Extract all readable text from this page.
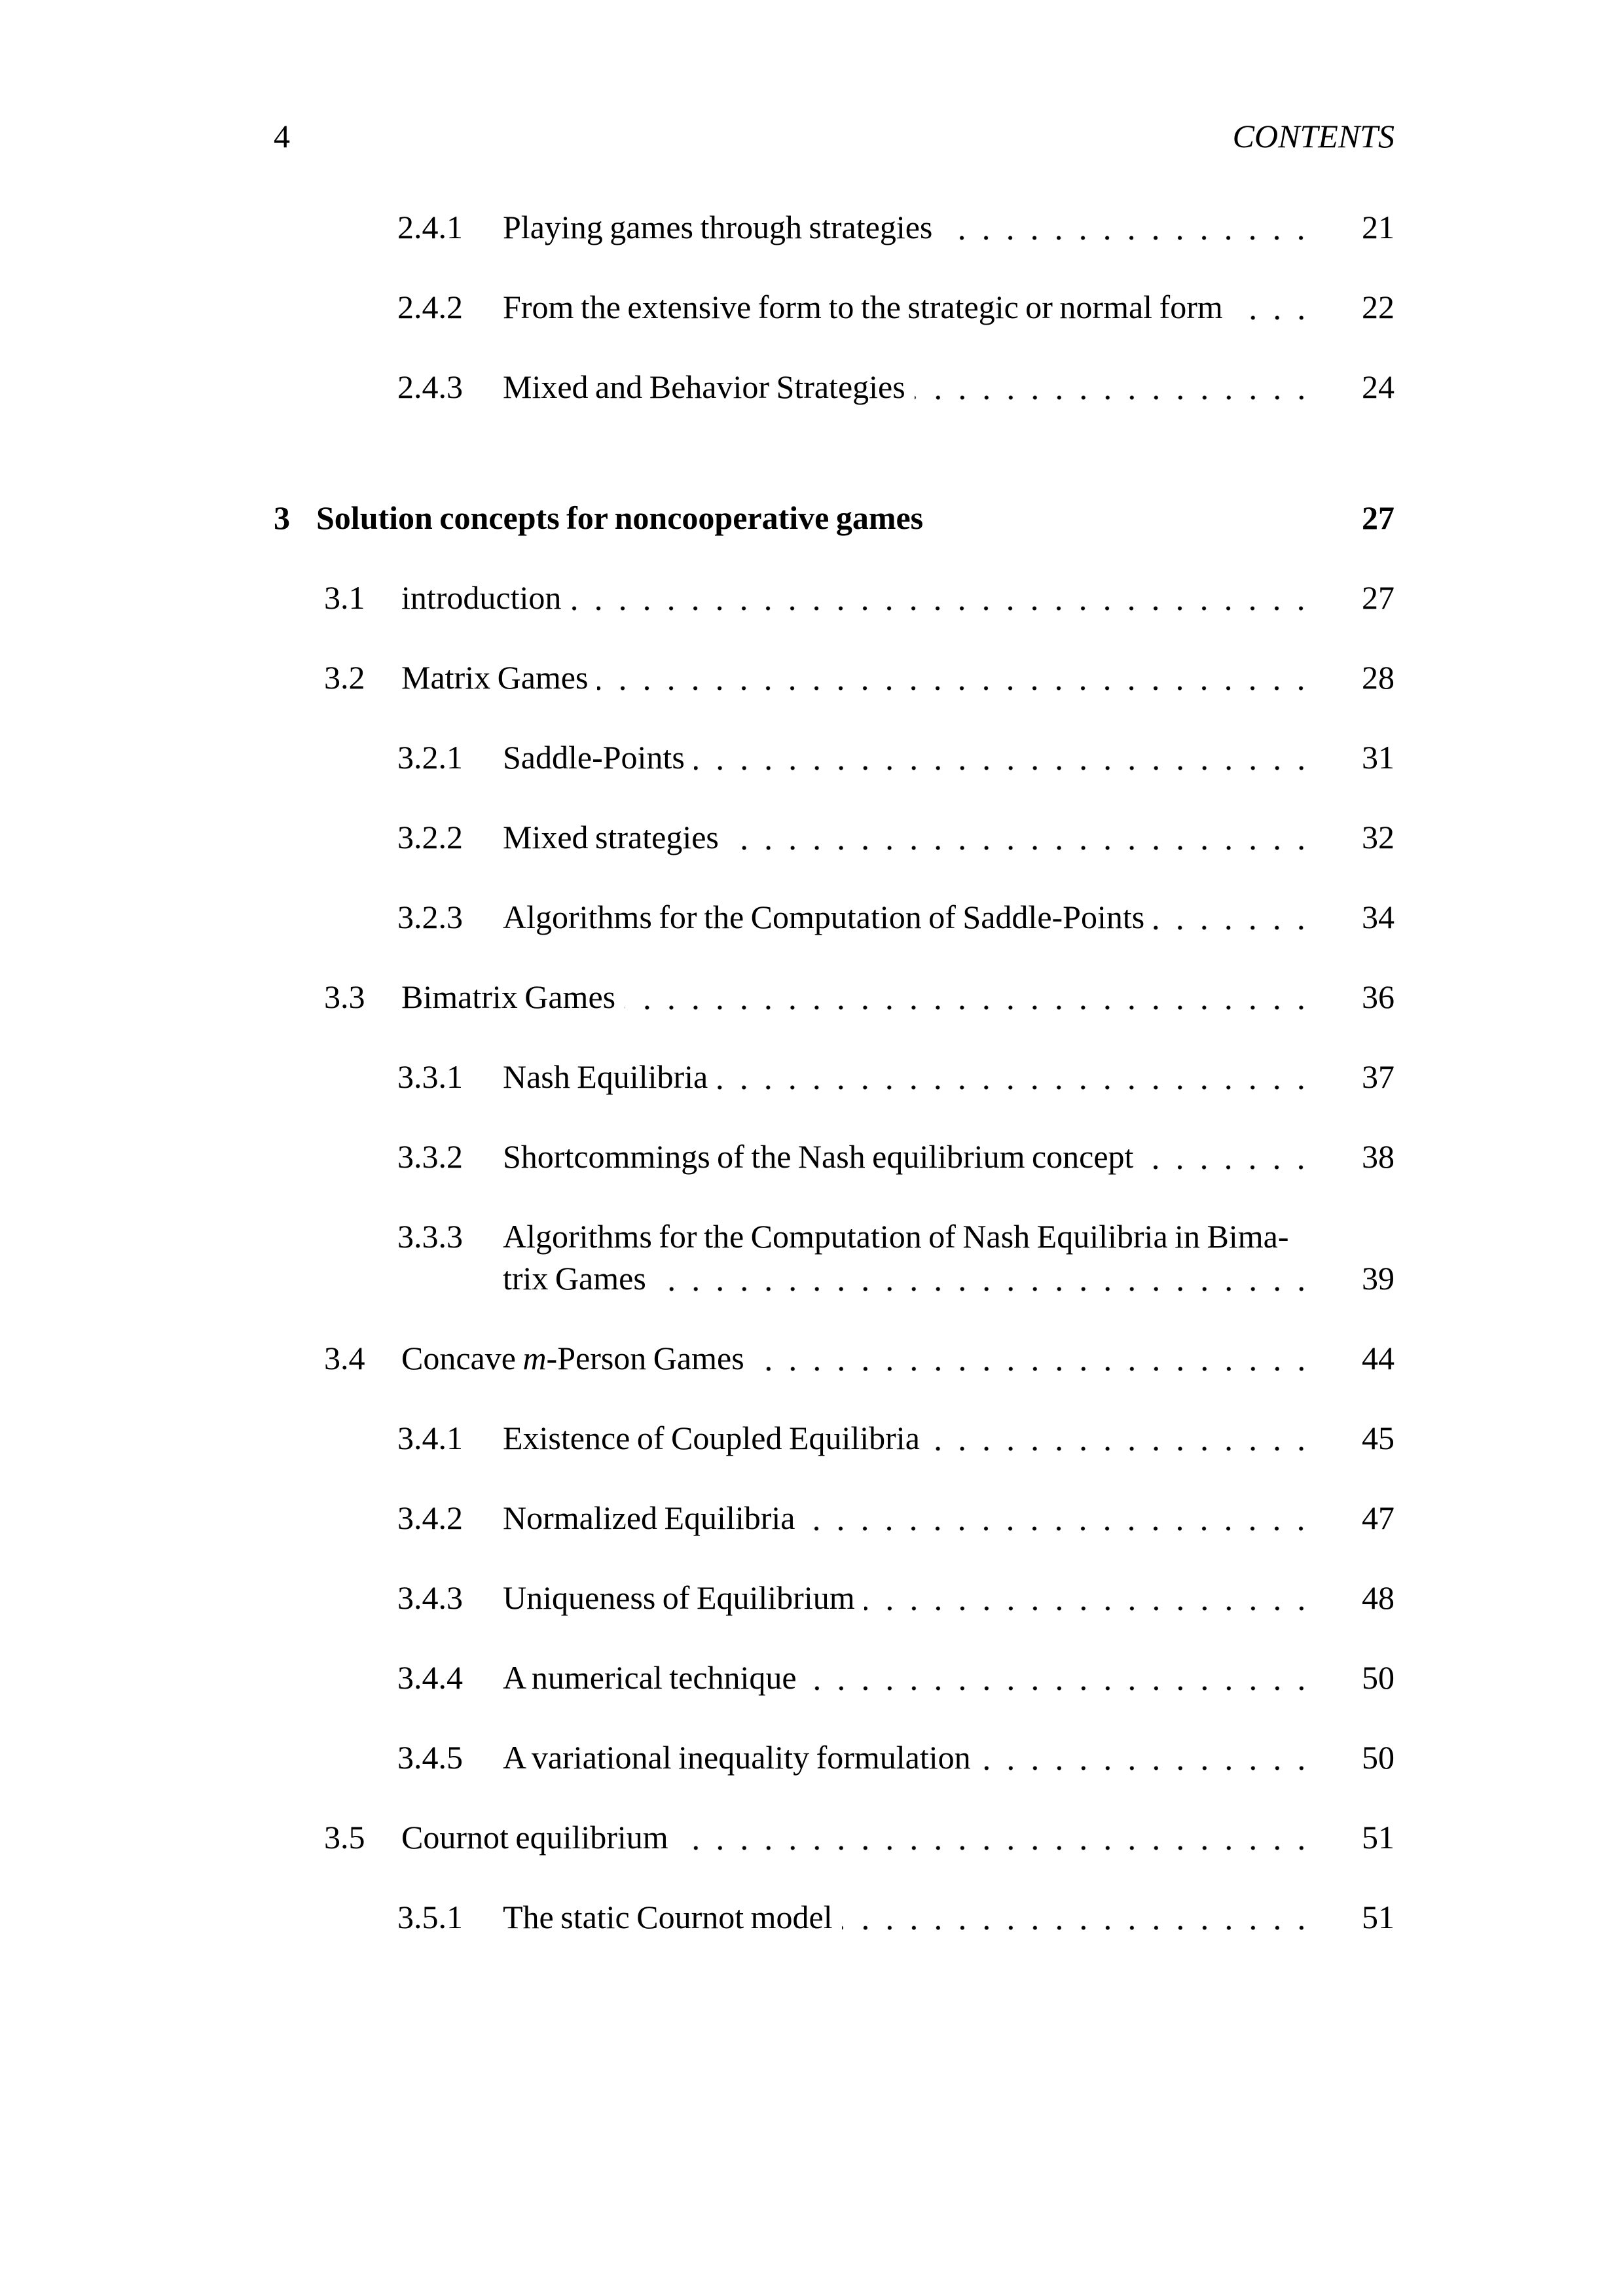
4	CONTENTS
2.4.1	Playing games through strategies	21
2.4.2	From the extensive form to the strategic or normal form	22
2.4.3	Mixed and Behavior Strategies	24
3 Solution concepts for noncooperative games	27
3.1	introduction	27
3.2	Matrix Games	28
3.2.1	Saddle-Points	31
3.2.2	Mixed strategies	32
3.2.3	Algorithms for the Computation of Saddle-Points	34
3.3	Bimatrix Games	36
3.3.1	Nash Equilibria	37
3.3.2	Shortcommings of the Nash equilibrium concept	38
3.3.3	Algorithms for the Computation of Nash Equilibria in Bima-
trix Games	39
3.4	Concave m -Person Games	44
3.4.1	Existence of Coupled Equilibria	45
3.4.2	Normalized Equilibria	47
3.4.3	Uniqueness of Equilibrium	48
3.4.4	A numerical technique	50
3.4.5	A variational inequality formulation	50
3.5	Cournot equilibrium	51
3.5.1	The static Cournot model	51
